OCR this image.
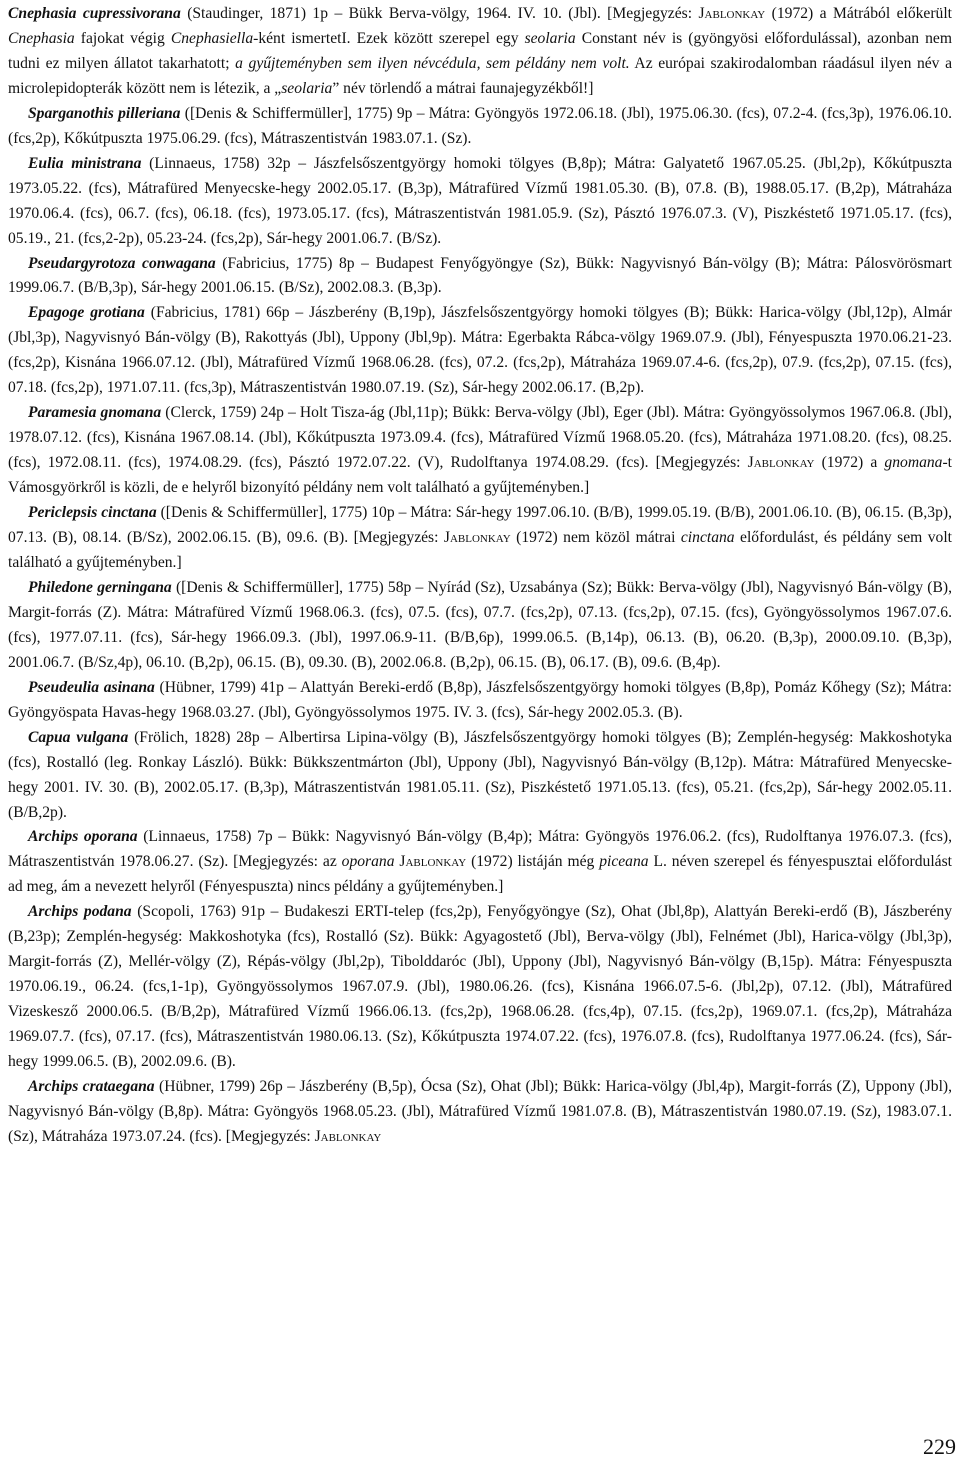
Cnephasia cupressivorana (Staudinger, 1871) 1p – Bükk Berva-völgy, 1964. IV. 10. (Jbl). [Megjegyzés: Jablonkay (1972) a Mátrából előkerült Cnephasia fajokat végig Cnephasiella-ként ismertetI. Ezek között szerepel egy seolaria Constant név is (gyöngyösi előfordulással), azonban nem tudni ez milyen állatot takarhatott; a gyűjteményben sem ilyen névcédula, sem példány nem volt. Az európai szakirodalomban ráadásul ilyen név a microlepidopterák között nem is létezik, a „seolaria” név törlendő a mátrai faunajegyzékből!]

Sparganothis pilleriana ([Denis & Schiffermüller], 1775) 9p – Mátra: Gyöngyös 1972.06.18. (Jbl), 1975.06.30. (fcs), 07.2-4. (fcs,3p), 1976.06.10. (fcs,2p), Kőkútpuszta 1975.06.29. (fcs), Mátraszentistván 1983.07.1. (Sz).

Eulia ministrana (Linnaeus, 1758) 32p – Jászfelsőszentgyörgy homoki tölgyes (B,8p); Mátra: Galyatető 1967.05.25. (Jbl,2p), Kőkútpuszta 1973.05.22. (fcs), Mátrafüred Menyecske-hegy 2002.05.17. (B,3p), Mátrafüred Vízmű 1981.05.30. (B), 07.8. (B), 1988.05.17. (B,2p), Mátraháza 1970.06.4. (fcs), 06.7. (fcs), 06.18. (fcs), 1973.05.17. (fcs), Mátraszentistván 1981.05.9. (Sz), Pásztó 1976.07.3. (V), Piszkéstető 1971.05.17. (fcs), 05.19., 21. (fcs,2-2p), 05.23-24. (fcs,2p), Sár-hegy 2001.06.7. (B/Sz).

Pseudargyrotoza conwagana (Fabricius, 1775) 8p – Budapest Fenyőgyöngye (Sz), Bükk: Nagyvisnyó Bán-völgy (B); Mátra: Pálosvörösmart 1999.06.7. (B/B,3p), Sár-hegy 2001.06.15. (B/Sz), 2002.08.3. (B,3p).

Epagoge grotiana (Fabricius, 1781) 66p – Jászberény (B,19p), Jászfelsőszentgyörgy homoki tölgyes (B); Bükk: Harica-völgy (Jbl,12p), Almár (Jbl,3p), Nagyvisnyó Bán-völgy (B), Rakottyás (Jbl), Uppony (Jbl,9p). Mátra: Egerbakta Rábca-völgy 1969.07.9. (Jbl), Fényespuszta 1970.06.21-23. (fcs,2p), Kisnána 1966.07.12. (Jbl), Mátrafüred Vízmű 1968.06.28. (fcs), 07.2. (fcs,2p), Mátraháza 1969.07.4-6. (fcs,2p), 07.9. (fcs,2p), 07.15. (fcs), 07.18. (fcs,2p), 1971.07.11. (fcs,3p), Mátraszentistván 1980.07.19. (Sz), Sár-hegy 2002.06.17. (B,2p).

Paramesia gnomana (Clerck, 1759) 24p – Holt Tisza-ág (Jbl,11p); Bükk: Berva-völgy (Jbl), Eger (Jbl). Mátra: Gyöngyössolymos 1967.06.8. (Jbl), 1978.07.12. (fcs), Kisnána 1967.08.14. (Jbl), Kőkútpuszta 1973.09.4. (fcs), Mátrafüred Vízmű 1968.05.20. (fcs), Mátraháza 1971.08.20. (fcs), 08.25. (fcs), 1972.08.11. (fcs), 1974.08.29. (fcs), Pásztó 1972.07.22. (V), Rudolftanya 1974.08.29. (fcs). [Megjegyzés: Jablonkay (1972) a gnomana-t Vámosgyörkről is közli, de e helyről bizonyító példány nem volt található a gyűjteményben.]

Periclepsis cinctana ([Denis & Schiffermüller], 1775) 10p – Mátra: Sár-hegy 1997.06.10. (B/B), 1999.05.19. (B/B), 2001.06.10. (B), 06.15. (B,3p), 07.13. (B), 08.14. (B/Sz), 2002.06.15. (B), 09.6. (B). [Megjegyzés: Jablonkay (1972) nem közöl mátrai cinctana előfordulást, és példány sem volt található a gyűjteményben.]

Philedone gerningana ([Denis & Schiffermüller], 1775) 58p – Nyírád (Sz), Uzsabánya (Sz); Bükk: Berva-völgy (Jbl), Nagyvisnyó Bán-völgy (B), Margit-forrás (Z). Mátra: Mátrafüred Vízmű 1968.06.3. (fcs), 07.5. (fcs), 07.7. (fcs,2p), 07.13. (fcs,2p), 07.15. (fcs), Gyöngyössolymos 1967.07.6. (fcs), 1977.07.11. (fcs), Sár-hegy 1966.09.3. (Jbl), 1997.06.9-11. (B/B,6p), 1999.06.5. (B,14p), 06.13. (B), 06.20. (B,3p), 2000.09.10. (B,3p), 2001.06.7. (B/Sz,4p), 06.10. (B,2p), 06.15. (B), 09.30. (B), 2002.06.8. (B,2p), 06.15. (B), 06.17. (B), 09.6. (B,4p).

Pseudeulia asinana (Hübner, 1799) 41p – Alattyán Bereki-erdő (B,8p), Jászfelsőszentgyörgy homoki tölgyes (B,8p), Pomáz Kőhegy (Sz); Mátra: Gyöngyöspata Havas-hegy 1968.03.27. (Jbl), Gyöngyössolymos 1975. IV. 3. (fcs), Sár-hegy 2002.05.3. (B).

Capua vulgana (Frölich, 1828) 28p – Albertirsa Lipina-völgy (B), Jászfelsőszentgyörgy homoki tölgyes (B); Zemplén-hegység: Makkoshotyka (fcs), Rostalló (leg. Ronkay László). Bükk: Bükkszentmárton (Jbl), Uppony (Jbl), Nagyvisnyó Bán-völgy (B,12p). Mátra: Mátrafüred Menyecske-hegy 2001. IV. 30. (B), 2002.05.17. (B,3p), Mátraszentistván 1981.05.11. (Sz), Piszkéstető 1971.05.13. (fcs), 05.21. (fcs,2p), Sár-hegy 2002.05.11. (B/B,2p).

Archips oporana (Linnaeus, 1758) 7p – Bükk: Nagyvisnyó Bán-völgy (B,4p); Mátra: Gyöngyös 1976.06.2. (fcs), Rudolftanya 1976.07.3. (fcs), Mátraszentistván 1978.06.27. (Sz). [Megjegyzés: az oporana Jablonkay (1972) listáján még piceana L. néven szerepel és fényespusztai előfordulást ad meg, ám a nevezett helyről (Fényespuszta) nincs példány a gyűjteményben.]

Archips podana (Scopoli, 1763) 91p – Budakeszi ERTI-telep (fcs,2p), Fenyőgyöngye (Sz), Ohat (Jbl,8p), Alattyán Bereki-erdő (B), Jászberény (B,23p); Zemplén-hegység: Makkoshotyka (fcs), Rostalló (Sz). Bükk: Agyagostető (Jbl), Berva-völgy (Jbl), Felnémet (Jbl), Harica-völgy (Jbl,3p), Margit-forrás (Z), Mellér-völgy (Z), Répás-völgy (Jbl,2p), Tibolddaróc (Jbl), Uppony (Jbl), Nagyvisnyó Bán-völgy (B,15p). Mátra: Fényespuszta 1970.06.19., 06.24. (fcs,1-1p), Gyöngyössolymos 1967.07.9. (Jbl), 1980.06.26. (fcs), Kisnána 1966.07.5-6. (Jbl,2p), 07.12. (Jbl), Mátrafüred Vizeskesző 2000.06.5. (B/B,2p), Mátrafüred Vízmű 1966.06.13. (fcs,2p), 1968.06.28. (fcs,4p), 07.15. (fcs,2p), 1969.07.1. (fcs,2p), Mátraháza 1969.07.7. (fcs), 07.17. (fcs), Mátraszentistván 1980.06.13. (Sz), Kőkútpuszta 1974.07.22. (fcs), 1976.07.8. (fcs), Rudolftanya 1977.06.24. (fcs), Sár-hegy 1999.06.5. (B), 2002.09.6. (B).

Archips crataegana (Hübner, 1799) 26p – Jászberény (B,5p), Ócsa (Sz), Ohat (Jbl); Bükk: Harica-völgy (Jbl,4p), Margit-forrás (Z), Uppony (Jbl), Nagyvisnyó Bán-völgy (B,8p). Mátra: Gyöngyös 1968.05.23. (Jbl), Mátrafüred Vízmű 1981.07.8. (B), Mátraszentistván 1980.07.19. (Sz), 1983.07.1. (Sz), Mátraháza 1973.07.24. (fcs). [Megjegyzés: Jablonkay

229
